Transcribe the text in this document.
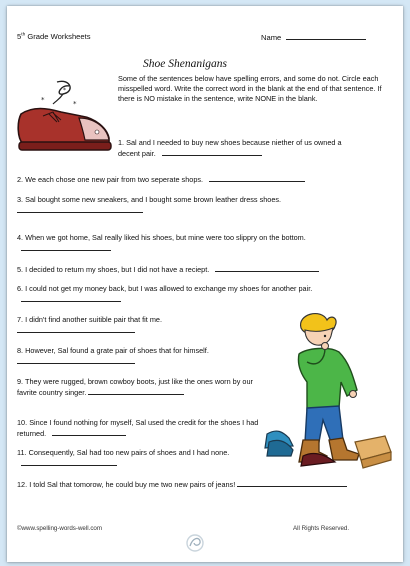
5th Grade Worksheets	Name
Shoe Shenanigans
*	*
*
Some of the sentences below have spelling errors, and some do not. Circle each misspelled word. Write the correct word in the blank at the end of that sentence. If there is NO mistake in the sentence, write NONE in the blank.
1. Sal and I needed to buy new shoes because niether of us owned a decent pair.
2. We each chose one new pair from two seperate shops.
3. Sal bought some new sneakers, and I bought some brown leather dress shoes.
4. When we got home, Sal really liked his shoes, but mine were too slippry on the bottom.
5. I decided to return my shoes, but I did not have a reciept.
6. I could not get my money back, but I was allowed to exchange my shoes for another pair.
7. I didn't find another suitible pair that fit me.
8. However, Sal found a grate pair of shoes that for himself.
9. They were rugged, brown cowboy boots, just like the ones worn by our favrite country singer.
10. Since I found nothing for myself, Sal used the credit for the shoes I had returned.
11. Consequently, Sal had too new pairs of shoes and I had none.
12. I told Sal that tomorow, he could buy me two new pairs of jeans!
©www.spelling-words-well.com	All Rights Reserved.
